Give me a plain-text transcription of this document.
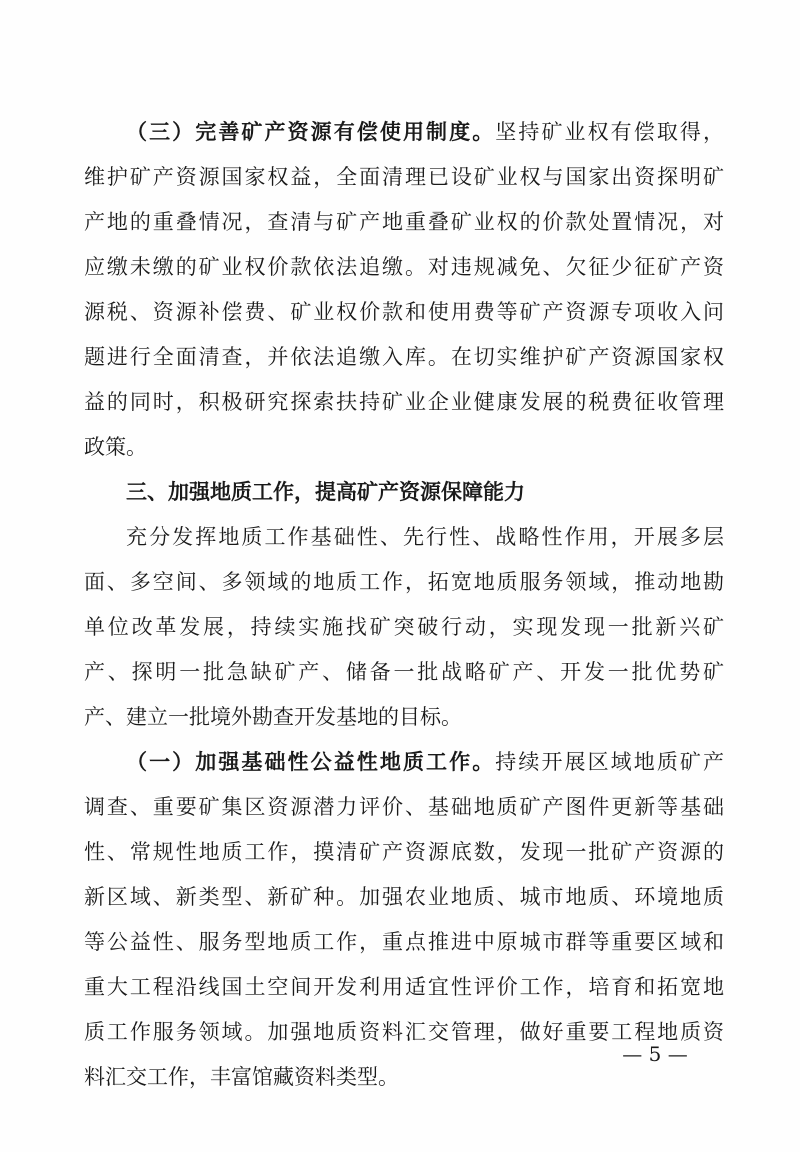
（三）完善矿产资源有偿使用制度。坚持矿业权有偿取得，
维护矿产资源国家权益，全面清理已设矿业权与国家出资探明矿
产地的重叠情况，查清与矿产地重叠矿业权的价款处置情况，对
应缴未缴的矿业权价款依法追缴。对违规减免、欠征少征矿产资
源税、资源补偿费、矿业权价款和使用费等矿产资源专项收入问
题进行全面清查，并依法追缴入库。在切实维护矿产资源国家权
益的同时，积极研究探索扶持矿业企业健康发展的税费征收管理
政策。
三、加强地质工作，提高矿产资源保障能力
充分发挥地质工作基础性、先行性、战略性作用，开展多层
面、多空间、多领域的地质工作，拓宽地质服务领域，推动地勘
单位改革发展，持续实施找矿突破行动，实现发现一批新兴矿
产、探明一批急缺矿产、储备一批战略矿产、开发一批优势矿
产、建立一批境外勘查开发基地的目标。
（一）加强基础性公益性地质工作。持续开展区域地质矿产
调查、重要矿集区资源潜力评价、基础地质矿产图件更新等基础
性、常规性地质工作，摸清矿产资源底数，发现一批矿产资源的
新区域、新类型、新矿种。加强农业地质、城市地质、环境地质
等公益性、服务型地质工作，重点推进中原城市群等重要区域和
重大工程沿线国土空间开发利用适宜性评价工作，培育和拓宽地
质工作服务领域。加强地质资料汇交管理，做好重要工程地质资
料汇交工作，丰富馆藏资料类型。
— 5 —
